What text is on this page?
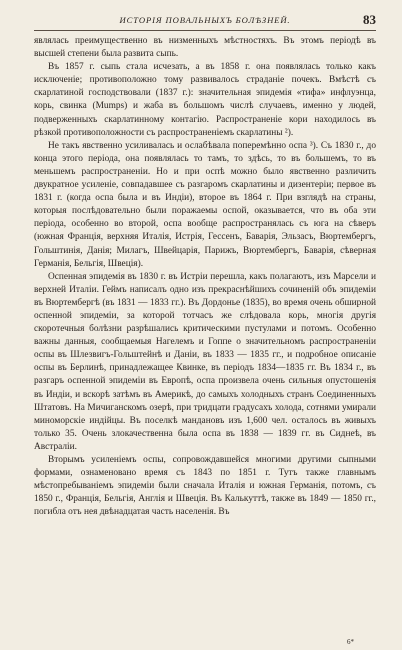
ИСТОРІЯ ПОВАЛЬНЫХЪ БОЛѢЗНЕЙ.	83

являлась преимущественно въ низменныхъ мѣстностяхъ. Въ этомъ періодѣ въ высшей степени была развита сыпь.

Въ 1857 г. сыпь стала исчезать, а въ 1858 г. она появлялась только какъ исключеніе; противоположно тому развивалось страданіе почекъ. Вмѣстѣ съ скарлатиной господствовали (1837 г.): значительная эпидемія «тифа» инфлуэнца, корь, свинка (Mumps) и жаба въ большомъ числѣ случаевъ, именно у людей, подверженныхъ скарлатинному контагію. Распространеніе кори находилось въ рѣзкой противоположности съ распространеніемъ скарлатины ²).

Не такъ явственно усиливалась и ослабѣвала поперемѣнно оспа ³). Съ 1830 г., до конца этого періода, она появлялась то тамъ, то здѣсь, то въ большемъ, то въ меньшемъ распространеніи. Но и при оспѣ можно было явственно различить двукратное усиленіе, совпадавшее съ разгаромъ скарлатины и дизентеріи; первое въ 1831 г. (когда оспа была и въ Индіи), второе въ 1864 г. При взглядѣ на страны, которыя послѣдовательно были поражаемы оспой, оказывается, что въ оба эти періода, особенно во второй, оспа вообще распространялась съ юга на сѣверъ (южная Франція, верхняя Италія, Истрія, Гессенъ, Баварія, Эльзасъ, Вюртембергъ, Гольштинія, Данія; Милагъ, Швейцарія, Парижъ, Вюртембергъ, Баварія, сѣверная Германія, Бельгія, Швеція).

Оспенная эпидемія въ 1830 г. въ Истріи перешла, какъ полагаютъ, изъ Марсели и верхней Италіи. Геймъ написалъ одно изъ прекраснѣйшихъ сочиненій объ эпидеміи въ Вюртембергѣ (въ 1831 — 1833 гг.). Въ Дордонье (1835), во время очень обширной оспенной эпидеміи, за которой тотчасъ же слѣдовала корь, многія другія скоротечныя болѣзни разрѣшались критическими пустулами и потомъ. Особенно важны данныя, сообщаемыя Нагелемъ и Гоппе о значительномъ распространеніи оспы въ Шлезвигъ-Гольштейнѣ и Даніи, въ 1833 — 1835 гг., и подробное описаніе оспы въ Берлинѣ, принадлежащее Квинке, въ періодъ 1834—1835 гг. Въ 1834 г., въ разгаръ оспенной эпидеміи въ Европѣ, оспа произвела очень сильныя опустошенія въ Индіи, и вскорѣ затѣмъ въ Америкѣ, до самыхъ холодныхъ странъ Соединенныхъ Штатовъ. На Мичиганскомъ озерѣ, при тридцати градусахъ холода, сотнями умирали миноморскіе индійцы. Въ поселкѣ мандановъ изъ 1,600 чел. осталось въ живыхъ только 35. Очень злокачественна была оспа въ 1838 — 1839 гг. въ Сиднеѣ, въ Австраліи.

Вторымъ усиленіемъ оспы, сопровождавшейся многими другими сыпными формами, ознаменовано время съ 1843 по 1851 г. Тутъ также главнымъ мѣстопребываніемъ эпидеміи были сначала Италія и южная Германія, потомъ, съ 1850 г., Франція, Бельгія, Англія и Швеція. Въ Калькуттѣ, также въ 1849 — 1850 гг., погибла отъ нея двѣнадцатая часть населенія. Въ

6*
